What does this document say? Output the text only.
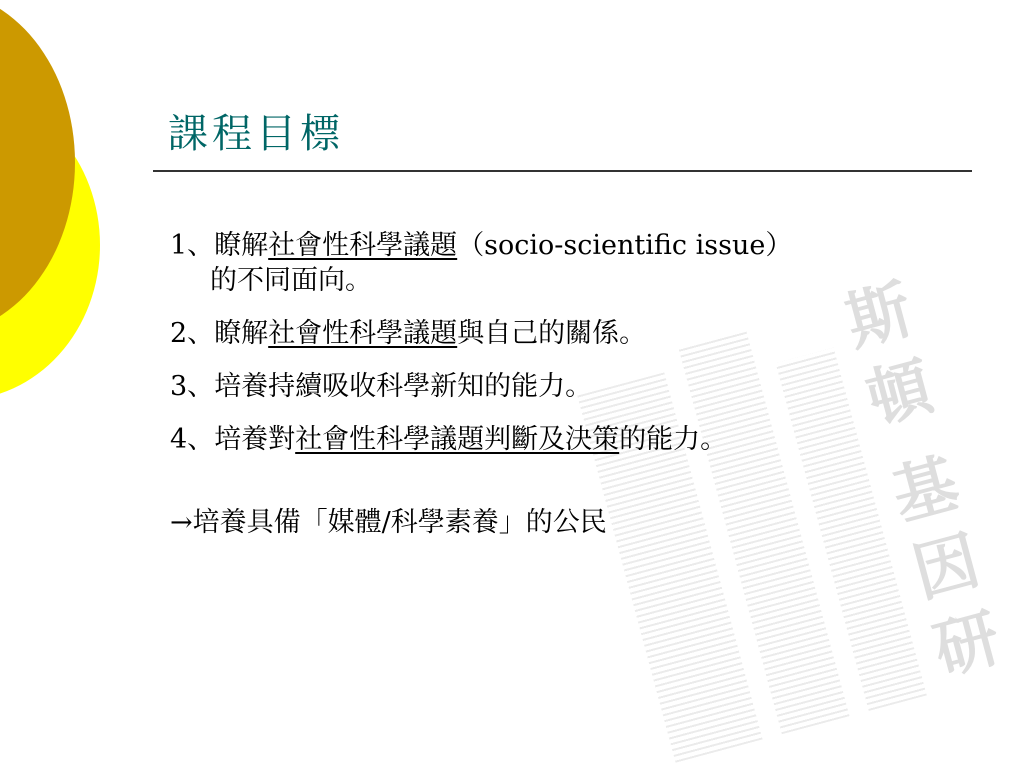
斯
頓
基
因
研
課程目標
1、瞭解社會性科學議題（socio-scientific issue）
的不同面向。
2、瞭解社會性科學議題與自己的關係。
3、培養持續吸收科學新知的能力。
4、培養對社會性科學議題判斷及決策的能力。
→培養具備「媒體/科學素養」的公民
